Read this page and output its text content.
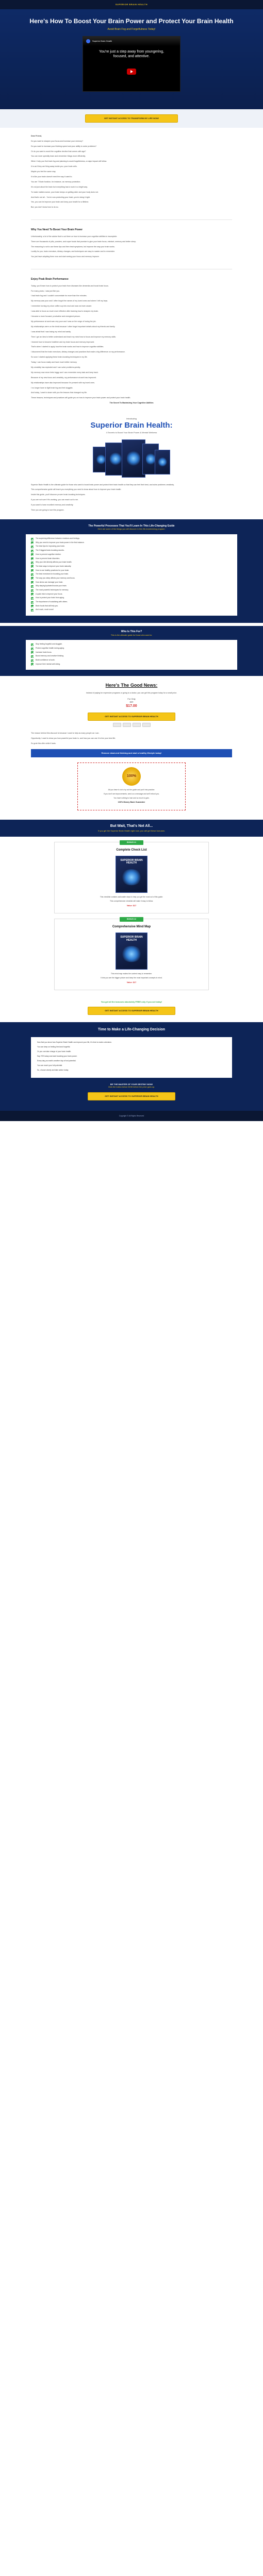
SUPERIOR BRAIN HEALTH
Here's How To Boost Your Brain Power and Protect Your Brain Health
Avoid Brain Fog and Forgetfulness Today!
Superior Brain Health
You're just a step away from youngering, focused, and attentive.
GET INSTANT ACCESS TO TRANSFORM MY LIFE NOW!

Dear Friend,

Do you want to sharpen your focus and increase your memory?

Do you want to increase your thinking speed and your ability to solve problems?

Or do you want to avoid the cognitive decline that comes with age?

You can more speedily learn and remember things more efficiently.

When I help you find brain fog and planning to avoid forgetfulness, a major impact will follow.

It is as if they are firing away inside you, your brain cells.

Maybe you feel the same way.

It is like your brain doesn't need the way it used to.

You are 7 Brain function, for instance, as memory protection.

It's not just about the brain but everything has to work in a bright way.

To make matters worse, your brain keeps on getting older and your body does not.

And that's not all... You're now protecting your brain, you're doing it right.

Yes, you can be improve your brain and keep your health for a lifetime.

But, you don't know how to do so.

Why You Need To Boost Your Brain Power

Unfortunately, a lot of the advice that is out there on how to increase your cognitive abilities is incomplete.

There are thousands of pills, powders, and super foods that promise to give your brain focus, mindset, memory and better sleep.

The reasoning is not to use these tips and then treat symptoms, but improve the way your brain works.

Luckily for you, brain exercises, dietary changes, and techniques are easy to master and to remember.

You just have adopting them now and start seeing your focus and memory improve.

Enjoy Peak Brain Performance

Today, you'll learn how to protect your brain from diseases like dementia and boost brain focus.

For many years, I was just like you.

I had brain fog and I couldn't concentrate for more than five minutes.

My memory was poor and I often forgot the names of my loved ones and where I left my keys.

I remember turning my shoe coffee cup into mud and was not even aware.

I was able to focus so much more effective after learning how to sharpen my brain.

I became a more focused, productive and energized person.

My performance at work was very poor and I was on the verge of losing the job.

My relationships were on the brink because I often forgot important details about my friends and family.

I was afraid that I was losing my mind and sanity.

Then I got an idea to better understand and teach my mind how to focus and improve my memory skills.

I learned how to become healthier and my brain focus and memory improved.

That's when I started to apply how the brain works and how to improve cognitive abilities.

I discovered that the brain exercises, dietary changes and practices that made a big difference on my performance.

So soon I started applying these brain-boosting techniques in my life.

Today, I can focus easily and have much better memory.

My creativity has exploded and I can solve problems quickly.

My memory now never feels foggy and I can remember every task and keep track.

Because of my new focus and creativity, my performance at work has improved.

My relationships have also improved because I'm present with my loved ones.

I no longer have to fight brain fog and feel sluggish.

And today, I want to share with you the lessons that changed my life.

These lessons, techniques and practices will guide you on how to improve your brain power and protect your brain health.

The Secret To Maximizing Your Cognitive Abilities

Introducing
Superior Brain Health:
4 Secrets to Boost Your Brain Power & Mental Wellness

Superior Brain Health is the ultimate guide for those who want to boost brain power and protect their brain health so that they can feel their best, and solve problems creatively.

This comprehensive guide will teach you everything you need to know about how to improve your brain health.

Inside this guide, you'll discover proven brain-boosting techniques.

If you are not sure if it's working, you can reach out to me.

If you want to have excellent memory and creativity.

Then you are going to love this program.

The Powerful Processes That You'll Learn In This Life-Changing Guide
Here are some of the things you will discover in this life-transforming program:
The surprising difference between emotions and feelings.
Why you need to improve your brain power in the first instance.
The best tips for improving your brain.
The 3 biggest brain-boosting secrets.
How to prevent cognitive decline.
How to prevent brain disorders.
Why your diet directly affects your brain health.
The best ways to improve your brain naturally.
How to use healthy practices for your brain.
The best exercises for boosting your brain.
The way you sleep affects your memory and focus.
How stress can damage your brain.
Why staying hydrated boosts your brain.
The most powerful techniques for memory.
A quick trick to improve your focus.
How to protect your brain from aging.
The importance of socializing with others.
Brain foods that will help you.
And much, much more!
Who Is This For?
This is the ultimate guide for those who want to:
Stop feeling forgetful and sluggish.
Protect cognitive health during aging.
Increase brain focus.
Boost memory and creative thinking.
Build confidence at work.
Improve their mental well-being.
Here's The Good News:
Instead of paying for expensive programs or going to a doctor, you can get this program today for a small price.
For Only
$97
$17.00
GET INSTANT ACCESS TO SUPERIOR BRAIN HEALTH

The reason behind this discount is because I want to help as many people as I can.

Opportunity. I want to show you how powerful your brain is, and how you can use it to live your best life.

So grab this offer while it lasts.

Remove dead-end thinking and start a healthy lifestyle today!
100%

All you have to do is try out the guide and put it into practice.

If you don't see improvements, send us a message and we'll refund you.

You have nothing to lose and so much to gain.

100% Money Back Guarantee

But Wait, That's Not All...
If you get the Superior Brain Health right now, you will get these bonuses:
BONUS #1
Complete Check List
SUPERIOR BRAIN HEALTH

This checklist contains actionable steps to help you get the most out of this guide.

This comprehensive checklist will make it easy to follow.

Value: $17
BONUS #2
Comprehensive Mind Map
SUPERIOR BRAIN HEALTH

This mind map makes the content easy to remember.

It lets you see the bigger picture and keep the most important concepts in mind.

Value: $17
You get all the bonuses absolutely FREE only if you act today!
GET INSTANT ACCESS TO SUPERIOR BRAIN HEALTH
Time to Make a Life-Changing Decision

Now that you know how Superior Brain Health can improve your life, it's time to make a decision.

You can keep on feeling tired and forgetful.

Or you can take charge of your brain health.

Say YES today and start boosting your brain power.

Every day you wait is another day of lost potential.

You can reach your full potential.

So, choose wisely and take action today.

BE THE MASTER OF YOUR DESTINY NOW!
Click the button below NOW before the price goes up.
GET INSTANT ACCESS TO SUPERIOR BRAIN HEALTH
Copyright © All Rights Reserved
